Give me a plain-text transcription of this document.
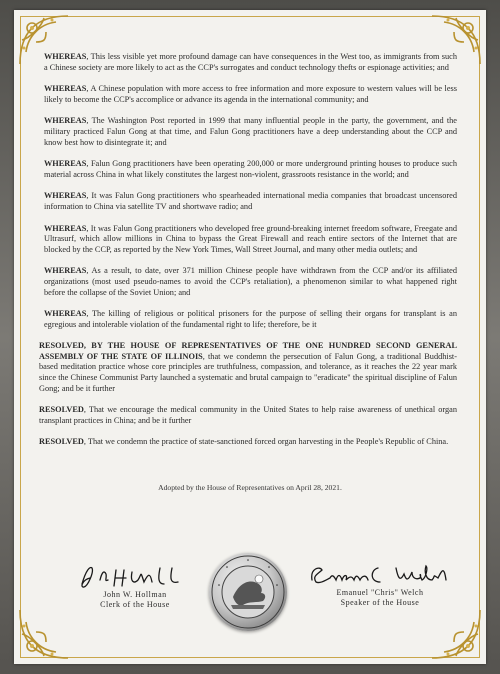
WHEREAS, This less visible yet more profound damage can have consequences in the West too, as immigrants from such a Chinese society are more likely to act as the CCP's surrogates and conduct technology thefts or espionage activities; and

WHEREAS, A Chinese population with more access to free information and more exposure to western values will be less likely to become the CCP's accomplice or advance its agenda in the international community; and

WHEREAS, The Washington Post reported in 1999 that many influential people in the party, the government, and the military practiced Falun Gong at that time, and Falun Gong practitioners have a deep understanding about the CCP and know best how to disintegrate it; and

WHEREAS, Falun Gong practitioners have been operating 200,000 or more underground printing houses to produce such material across China in what likely constitutes the largest non-violent, grassroots resistance in the world; and

WHEREAS, It was Falun Gong practitioners who spearheaded international media companies that broadcast uncensored information to China via satellite TV and shortwave radio; and

WHEREAS, It was Falun Gong practitioners who developed free ground-breaking internet freedom software, Freegate and Ultrasurf, which allow millions in China to bypass the Great Firewall and reach entire sectors of the Internet that are blocked by the CCP, as reported by the New York Times, Wall Street Journal, and many other media outlets; and

WHEREAS, As a result, to date, over 371 million Chinese people have withdrawn from the CCP and/or its affiliated organizations (most used pseudo-names to avoid the CCP's retaliation), a phenomenon similar to what happened right before the collapse of the Soviet Union; and

WHEREAS, The killing of religious or political prisoners for the purpose of selling their organs for transplant is an egregious and intolerable violation of the fundamental right to life; therefore, be it

RESOLVED, BY THE HOUSE OF REPRESENTATIVES OF THE ONE HUNDRED SECOND GENERAL ASSEMBLY OF THE STATE OF ILLINOIS, that we condemn the persecution of Falun Gong, a traditional Buddhist-based meditation practice whose core principles are truthfulness, compassion, and tolerance, as it reaches the 22 year mark since the Chinese Communist Party launched a systematic and brutal campaign to "eradicate" the spiritual discipline of Falun Gong; and be it further

RESOLVED, That we encourage the medical community in the United States to help raise awareness of unethical organ transplant practices in China; and be it further

RESOLVED, That we condemn the practice of state-sanctioned forced organ harvesting in the People's Republic of China.

Adopted by the House of Representatives on April 28, 2021.
John W. Hollman
Clerk of the House
Emanuel "Chris" Welch
Speaker of the House
